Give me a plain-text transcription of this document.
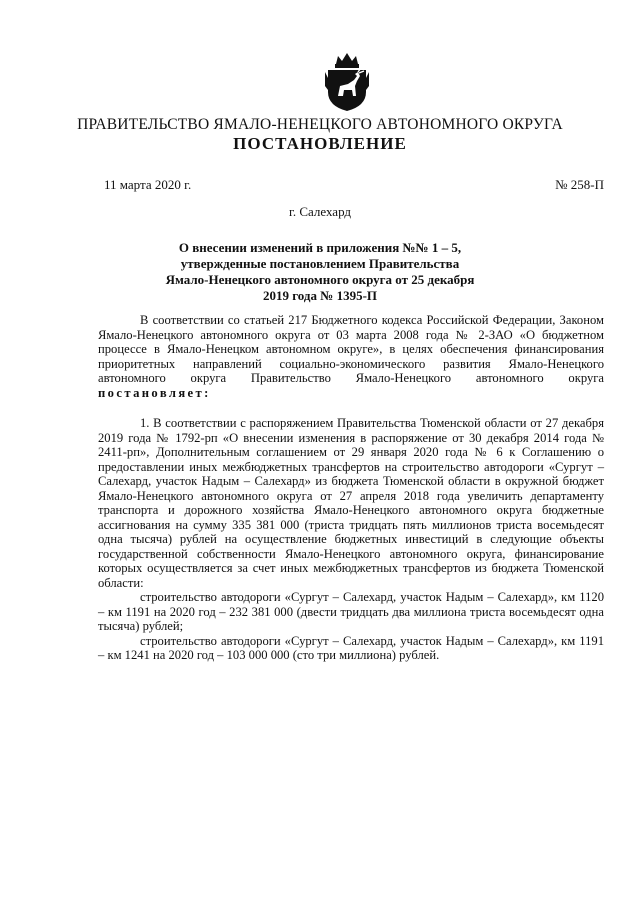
ПРАВИТЕЛЬСТВО ЯМАЛО-НЕНЕЦКОГО АВТОНОМНОГО ОКРУГА
ПОСТАНОВЛЕНИЕ
11 марта 2020 г.	№ 258-П
г. Салехард
О внесении изменений в приложения №№ 1 – 5, утвержденные постановлением Правительства Ямало-Ненецкого автономного округа от 25 декабря 2019 года № 1395-П

В соответствии со статьей 217 Бюджетного кодекса Российской Федерации, Законом Ямало-Ненецкого автономного округа от 03 марта 2008 года № 2-ЗАО «О бюджетном процессе в Ямало-Ненецком автономном округе», в целях обеспечения финансирования приоритетных направлений социально-экономического развития Ямало-Ненецкого автономного округа Правительство Ямало-Ненецкого автономного округа постановляет:

1. В соответствии с распоряжением Правительства Тюменской области от 27 декабря 2019 года № 1792-рп «О внесении изменения в распоряжение от 30 декабря 2014 года № 2411-рп», Дополнительным соглашением от 29 января 2020 года № 6 к Соглашению о предоставлении иных межбюджетных трансфертов на строительство автодороги «Сургут – Салехард, участок Надым – Салехард» из бюджета Тюменской области в окружной бюджет Ямало-Ненецкого автономного округа от 27 апреля 2018 года увеличить департаменту транспорта и дорожного хозяйства Ямало-Ненецкого автономного округа бюджетные ассигнования на сумму 335 381 000 (триста тридцать пять миллионов триста восемьдесят одна тысяча) рублей на осуществление бюджетных инвестиций в следующие объекты государственной собственности Ямало-Ненецкого автономного округа, финансирование которых осуществляется за счет иных межбюджетных трансфертов из бюджета Тюменской области:

строительство автодороги «Сургут – Салехард, участок Надым – Салехард», км 1120 – км 1191 на 2020 год – 232 381 000 (двести тридцать два миллиона триста восемьдесят одна тысяча) рублей;

строительство автодороги «Сургут – Салехард, участок Надым – Салехард», км 1191 – км 1241 на 2020 год – 103 000 000 (сто три миллиона) рублей.
